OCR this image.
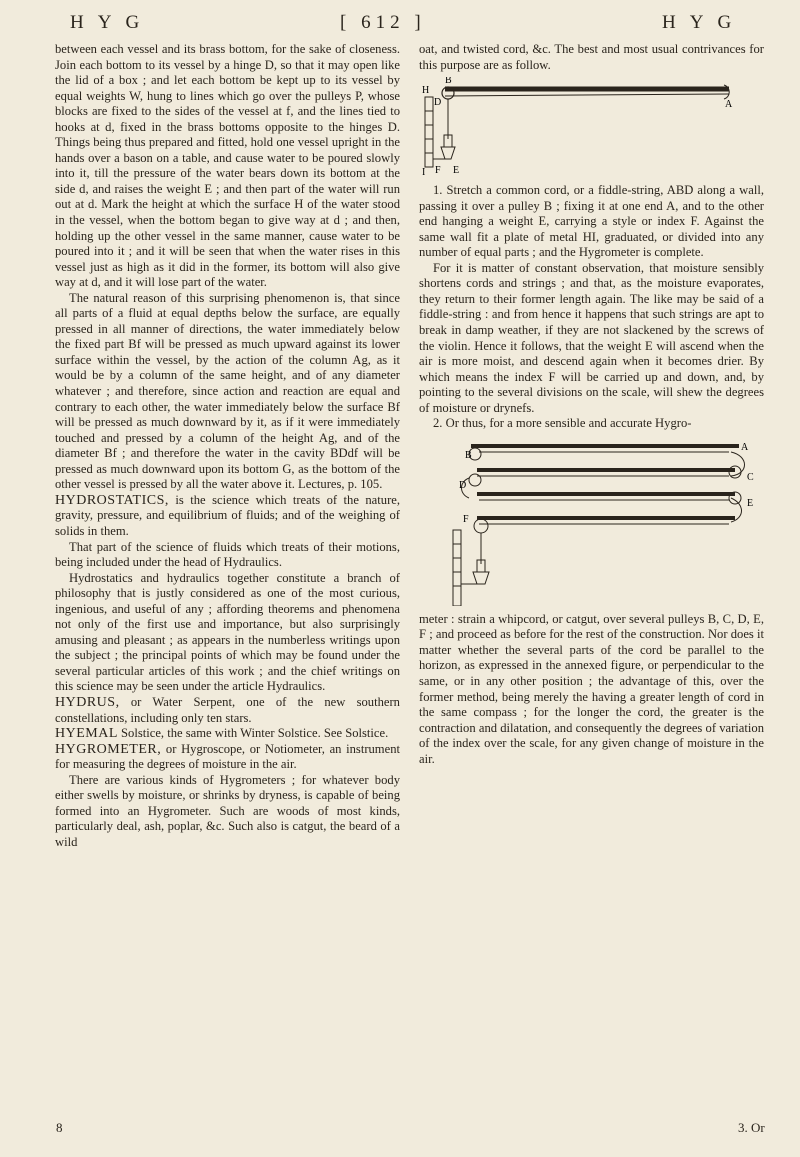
H Y G	[ 612 ]	H Y G

between each vessel and its brass bottom, for the sake of closeness. Join each bottom to its vessel by a hinge D, so that it may open like the lid of a box ; and let each bottom be kept up to its vessel by equal weights W, hung to lines which go over the pulleys P, whose blocks are fixed to the sides of the vessel at f, and the lines tied to hooks at d, fixed in the brass bottoms opposite to the hinges D. Things being thus prepared and fitted, hold one vessel upright in the hands over a bason on a table, and cause water to be poured slowly into it, till the pressure of the water bears down its bottom at the side d, and raises the weight E ; and then part of the water will run out at d. Mark the height at which the surface H of the water stood in the vessel, when the bottom began to give way at d ; and then, holding up the other vessel in the same manner, cause water to be poured into it ; and it will be seen that when the water rises in this vessel just as high as it did in the former, its bottom will also give way at d, and it will lose part of the water.

The natural reason of this surprising phenomenon is, that since all parts of a fluid at equal depths below the surface, are equally pressed in all manner of directions, the water immediately below the fixed part Bf will be pressed as much upward against its lower surface within the vessel, by the action of the column Ag, as it would be by a column of the same height, and of any diameter whatever ; and therefore, since action and reaction are equal and contrary to each other, the water immediately below the surface Bf will be pressed as much downward by it, as if it were immediately touched and pressed by a column of the height Ag, and of the diameter Bf ; and therefore the water in the cavity BDdf will be pressed as much downward upon its bottom G, as the bottom of the other vessel is pressed by all the water above it. Lectures, p. 105.

HYDROSTATICS, is the science which treats of the nature, gravity, pressure, and equilibrium of fluids; and of the weighing of solids in them.

That part of the science of fluids which treats of their motions, being included under the head of Hydraulics.

Hydrostatics and hydraulics together constitute a branch of philosophy that is justly considered as one of the most curious, ingenious, and useful of any ; affording theorems and phenomena not only of the first use and importance, but also surprisingly amusing and pleasant ; as appears in the numberless writings upon the subject ; the principal points of which may be found under the several particular articles of this work ; and the chief writings on this science may be seen under the article Hydraulics.

HYDRUS, or Water Serpent, one of the new southern constellations, including only ten stars.

HYEMAL Solstice, the same with Winter Solstice. See Solstice.

HYGROMETER, or Hygroscope, or Notiometer, an instrument for measuring the degrees of moisture in the air.

There are various kinds of Hygrometers ; for whatever body either swells by moisture, or shrinks by dryness, is capable of being formed into an Hygrometer. Such are woods of most kinds, particularly deal, ash, poplar, &c. Such also is catgut, the beard of a wild

oat, and twisted cord, &c. The best and most usual contrivances for this purpose are as follow.

H
B
A
D
I F E

1. Stretch a common cord, or a fiddle-string, ABD along a wall, passing it over a pulley B ; fixing it at one end A, and to the other end hanging a weight E, carrying a style or index F. Against the same wall fit a plate of metal HI, graduated, or divided into any number of equal parts ; and the Hygrometer is complete.

For it is matter of constant observation, that moisture sensibly shortens cords and strings ; and that, as the moisture evaporates, they return to their former length again. The like may be said of a fiddle-string : and from hence it happens that such strings are apt to break in damp weather, if they are not slackened by the screws of the violin. Hence it follows, that the weight E will ascend when the air is more moist, and descend again when it becomes drier. By which means the index F will be carried up and down, and, by pointing to the several divisions on the scale, will shew the degrees of moisture or drynefs.

2. Or thus, for a more sensible and accurate Hygro-

B
A
C
D
E
F

meter : strain a whipcord, or catgut, over several pulleys B, C, D, E, F ; and proceed as before for the rest of the construction. Nor does it matter whether the several parts of the cord be parallel to the horizon, as expressed in the annexed figure, or perpendicular to the same, or in any other position ; the advantage of this, over the former method, being merely the having a greater length of cord in the same compass ; for the longer the cord, the greater is the contraction and dilatation, and consequently the degrees of variation of the index over the scale, for any given change of moisture in the air.

8	3. Or
